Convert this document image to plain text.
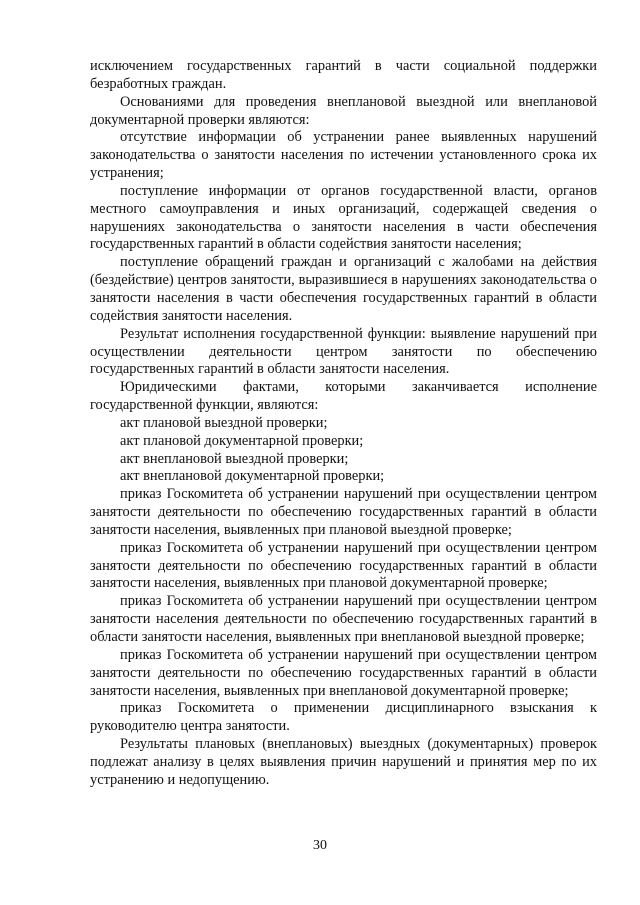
исключением государственных гарантий в части социальной поддержки безработных граждан.

Основаниями для проведения внеплановой выездной или внеплановой документарной проверки являются:

отсутствие информации об устранении ранее выявленных нарушений законодательства о занятости населения по истечении установленного срока их устранения;

поступление информации от органов государственной власти, органов местного самоуправления и иных организаций, содержащей сведения о нарушениях законодательства о занятости населения в части обеспечения государственных гарантий в области содействия занятости населения;

поступление обращений граждан и организаций с жалобами на действия (бездействие) центров занятости, выразившиеся в нарушениях законодательства о занятости населения в части обеспечения государственных гарантий в области содействия занятости населения.

Результат исполнения государственной функции: выявление нарушений при осуществлении деятельности центром занятости по обеспечению государственных гарантий в области занятости населения.

Юридическими фактами, которыми заканчивается исполнение государственной функции, являются:

акт плановой выездной проверки;

акт плановой документарной проверки;

акт внеплановой выездной проверки;

акт внеплановой документарной проверки;

приказ Госкомитета об устранении нарушений при осуществлении центром занятости деятельности по обеспечению государственных гарантий в области занятости населения, выявленных при плановой выездной проверке;

приказ Госкомитета об устранении нарушений при осуществлении центром занятости деятельности по обеспечению государственных гарантий в области занятости населения, выявленных при плановой документарной проверке;

приказ Госкомитета об устранении нарушений при осуществлении центром занятости населения деятельности по обеспечению государственных гарантий в области занятости населения, выявленных при внеплановой выездной проверке;

приказ Госкомитета об устранении нарушений при осуществлении центром занятости деятельности по обеспечению государственных гарантий в области занятости населения, выявленных при внеплановой документарной проверке;

приказ Госкомитета о применении дисциплинарного взыскания к руководителю центра занятости.

Результаты плановых (внеплановых) выездных (документарных) проверок подлежат анализу в целях выявления причин нарушений и принятия мер по их устранению и недопущению.

30
